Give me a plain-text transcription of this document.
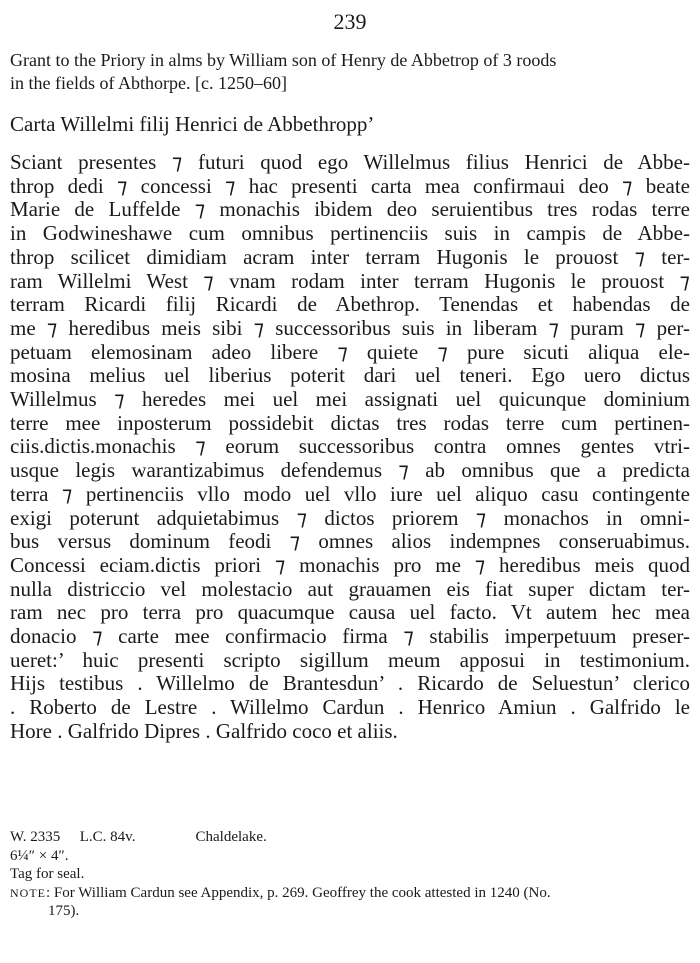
239
Grant to the Priory in alms by William son of Henry de Abbetrop of 3 roods
in the fields of Abthorpe. [c. 1250–60]
Carta Willelmi filij Henrici de Abbethropp’
Sciant presentes ⁊ futuri quod ego Willelmus filius Henrici de Abbe-
throp dedi ⁊ concessi ⁊ hac presenti carta mea confirmaui deo ⁊ beate
Marie de Luffelde ⁊ monachis ibidem deo seruientibus tres rodas terre
in Godwineshawe cum omnibus pertinenciis suis in campis de Abbe-
throp scilicet dimidiam acram inter terram Hugonis le prouost ⁊ ter-
ram Willelmi West ⁊ vnam rodam inter terram Hugonis le prouost ⁊
terram Ricardi filij Ricardi de Abethrop. Tenendas et habendas de
me ⁊ heredibus meis sibi ⁊ successoribus suis in liberam ⁊ puram ⁊ per-
petuam elemosinam adeo libere ⁊ quiete ⁊ pure sicuti aliqua ele-
mosina melius uel liberius poterit dari uel teneri. Ego uero dictus
Willelmus ⁊ heredes mei uel mei assignati uel quicunque dominium
terre mee inposterum possidebit dictas tres rodas terre cum pertinen-
ciis.dictis.monachis ⁊ eorum successoribus contra omnes gentes vtri-
usque legis warantizabimus defendemus ⁊ ab omnibus que a predicta
terra ⁊ pertinenciis vllo modo uel vllo iure uel aliquo casu contingente
exigi poterunt adquietabimus ⁊ dictos priorem ⁊ monachos in omni-
bus versus dominum feodi ⁊ omnes alios indempnes conseruabimus.
Concessi eciam.dictis priori ⁊ monachis pro me ⁊ heredibus meis quod
nulla districcio vel molestacio aut grauamen eis fiat super dictam ter-
ram nec pro terra pro quacumque causa uel facto. Vt autem hec mea
donacio ⁊ carte mee confirmacio firma ⁊ stabilis imperpetuum preser-
ueret:’ huic presenti scripto sigillum meum apposui in testimonium.
Hijs testibus . Willelmo de Brantesdun’ . Ricardo de Seluestun’ clerico
. Roberto de Lestre . Willelmo Cardun . Henrico Amiun . Galfrido le
Hore . Galfrido Dipres . Galfrido coco et aliis.
W. 2335 L.C. 84v.	Chaldelake.
6¼″ × 4″.
Tag for seal.
NOTE: For William Cardun see Appendix, p. 269. Geoffrey the cook attested in 1240 (No.
175).
